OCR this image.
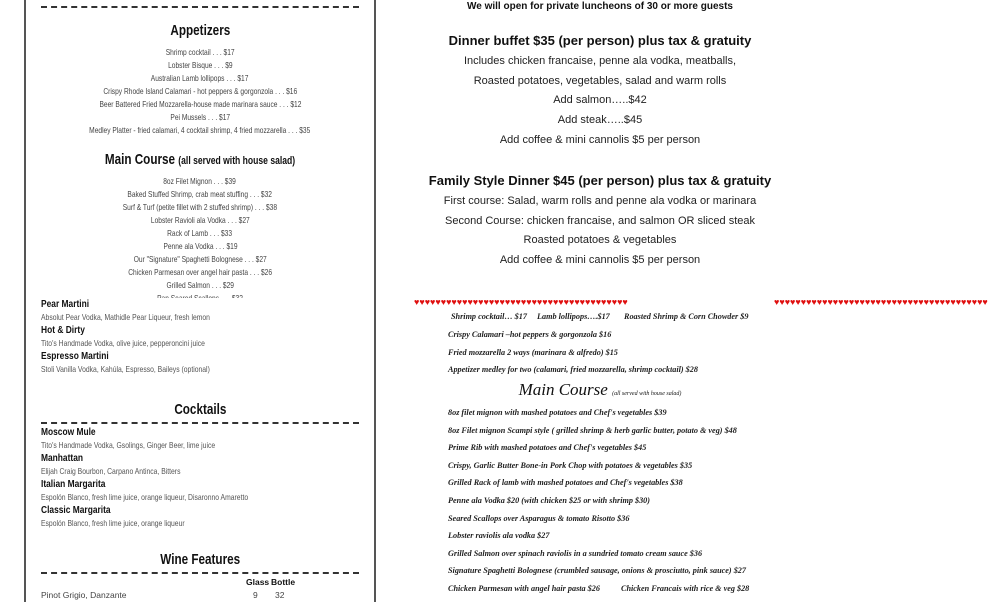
Appetizers
Shrimp cocktail . . . $17
Lobster Bisque . . . $9
Australian Lamb lollipops . . . $17
Crispy Rhode Island Calamari - hot peppers & gorgonzola . . . $16
Beer Battered Fried Mozzarella-house made marinara sauce . . . $12
Pei Mussels . . . $17
Medley Platter - fried calamari, 4 cocktail shrimp, 4 fried mozzarella . . . $35
Main Course (all served with house salad)
8oz Filet Mignon . . . $39
Baked Stuffed Shrimp, crab meat stuffing . . . $32
Surf & Turf (petite fillet with 2 stuffed shrimp) . . . $38
Lobster Ravioli ala Vodka . . . $27
Rack of Lamb . . . $33
Penne ala Vodka . . . $19
Our "Signature" Spaghetti Bolognese . . . $27
Chicken Parmesan over angel hair pasta . . . $26
Grilled Salmon . . . $29
Pear Martini
Absolut Pear Vodka, Mathidle Pear Liqueur, fresh lemon
Hot & Dirty
Tito's Handmade Vodka, olive juice, pepperoncini juice
Espresso Martini
Stoli Vanilla Vodka, Kahúla, Espresso, Baileys (optional)
Cocktails
Moscow Mule
Tito's Handmade Vodka, Gsolings, Ginger Beer, lime juice
Manhattan
Elijah Craig Bourbon, Carpano Antinca, Bitters
Italian Margarita
Espolón Blanco, fresh lime juice, orange liqueur, Disaronno Amaretto
Classic Margarita
Espolón Blanco, fresh lime juice, orange liqueur
Wine Features
Glass Bottle
Pinot Grigio, Danzante	9 32
We will open for private luncheons of 30 or more guests
Dinner buffet $35 (per person) plus tax & gratuity
Includes chicken francaise, penne ala vodka, meatballs,
Roasted potatoes, vegetables, salad and warm rolls
Add salmon…..$42
Add steak…..$45
Add coffee & mini cannolis $5 per person
Family Style Dinner $45 (per person) plus tax & gratuity
First course: Salad, warm rolls and penne ala vodka or marinara
Second Course: chicken francaise, and salmon OR sliced steak
Roasted potatoes & vegetables
Add coffee & mini cannolis $5 per person
♥♥♥♥♥♥♥♥♥♥♥♥♥♥♥♥♥♥♥♥♥♥♥♥♥♥♥♥♥♥♥♥♥♥♥♥♥♥♥♥	♥♥♥♥♥♥♥♥♥♥♥♥♥♥♥♥♥♥♥♥♥♥♥♥♥♥♥♥♥♥♥♥♥♥♥♥♥♥♥♥
Shrimp cocktail… $17 Lamb lollipops….$17 Roasted Shrimp & Corn Chowder $9
Main Course (all served with house salad)
Chicken Parmesan with angel hair pasta $26	Chicken Francais with rice & veg $28
Crispy Calamari –hot peppers & gorgonzola $16
Fried mozzarella 2 ways (marinara & alfredo) $15
Appetizer medley for two (calamari, fried mozzarella, shrimp cocktail) $28
8oz filet mignon with mashed potatoes and Chef's vegetables $39
8oz Filet mignon Scampi style ( grilled shrimp & herb garlic butter, potato & veg) $48
Prime Rib with mashed potatoes and Chef's vegetables $45
Crispy, Garlic Butter Bone-in Pork Chop with potatoes & vegetables $35
Grilled Rack of lamb with mashed potatoes and Chef's vegetables $38
Penne ala Vodka $20 (with chicken $25 or with shrimp $30)
Seared Scallops over Asparagus & tomato Risotto $36
Lobster raviolis ala vodka $27
Grilled Salmon over spinach raviolis in a sundried tomato cream sauce $36
Signature Spaghetti Bolognese (crumbled sausage, onions & prosciutto, pink sauce) $27
